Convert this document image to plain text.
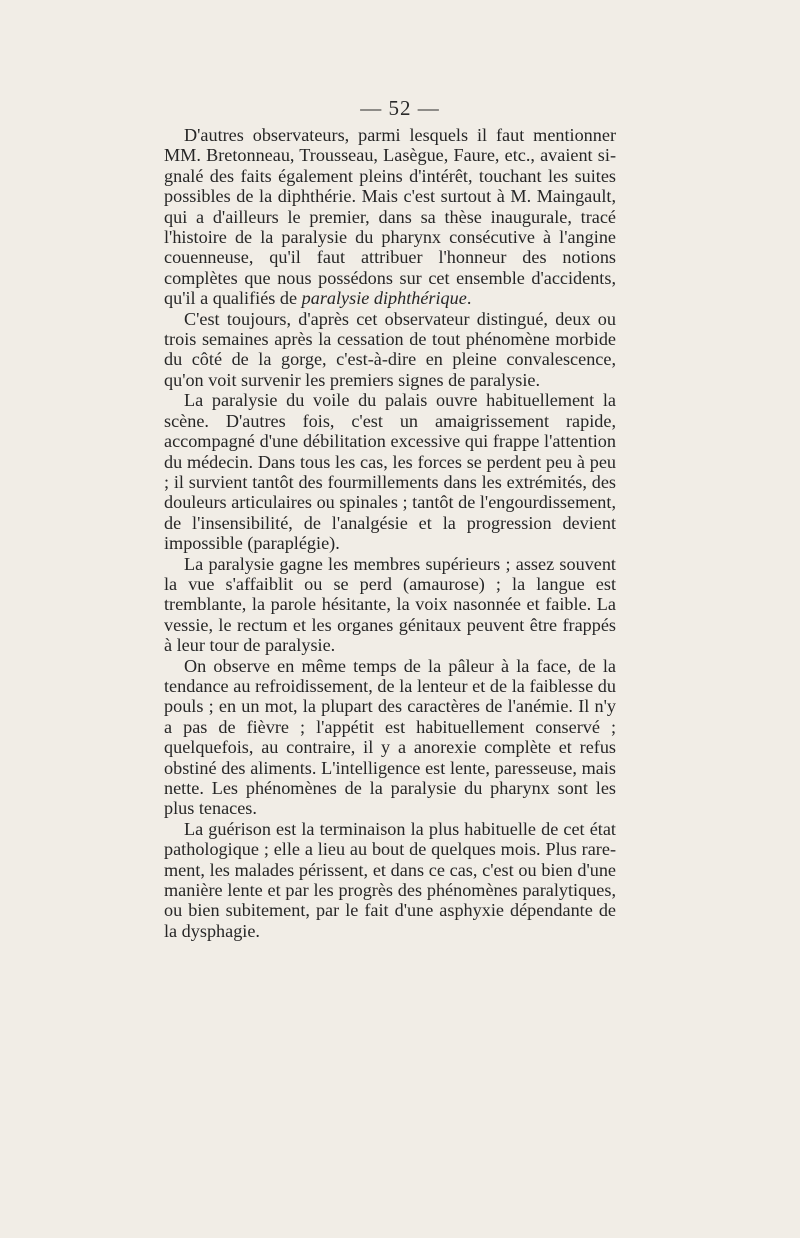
— 52 —

D'autres observateurs, parmi lesquels il faut mentionner MM. Bretonneau, Trousseau, Lasègue, Faure, etc., avaient signalé des faits également pleins d'intérêt, touchant les suites possibles de la diphthérie. Mais c'est surtout à M. Maingault, qui a d'ailleurs le premier, dans sa thèse inaugurale, tracé l'histoire de la paralysie du pharynx consécutive à l'angine couenneuse, qu'il faut attribuer l'honneur des notions complètes que nous possédons sur cet ensemble d'accidents, qu'il a qualifiés de paralysie diphthérique.

C'est toujours, d'après cet observateur distingué, deux ou trois semaines après la cessation de tout phénomène morbide du côté de la gorge, c'est-à-dire en pleine convalescence, qu'on voit survenir les premiers signes de paralysie.

La paralysie du voile du palais ouvre habituellement la scène. D'autres fois, c'est un amaigrissement rapide, accompagné d'une débilitation excessive qui frappe l'attention du médecin. Dans tous les cas, les forces se perdent peu à peu ; il survient tantôt des fourmillements dans les extrémités, des douleurs articulaires ou spinales ; tantôt de l'engourdissement, de l'insensibilité, de l'analgésie et la progression devient impossible (paraplégie).

La paralysie gagne les membres supérieurs ; assez souvent la vue s'affaiblit ou se perd (amaurose) ; la langue est tremblante, la parole hésitante, la voix nasonnée et faible. La vessie, le rectum et les organes génitaux peuvent être frappés à leur tour de paralysie.

On observe en même temps de la pâleur à la face, de la tendance au refroidissement, de la lenteur et de la faiblesse du pouls ; en un mot, la plupart des caractères de l'anémie. Il n'y a pas de fièvre ; l'appétit est habituellement conservé ; quelquefois, au contraire, il y a anorexie complète et refus obstiné des aliments. L'intelligence est lente, paresseuse, mais nette. Les phénomènes de la paralysie du pharynx sont les plus tenaces.

La guérison est la terminaison la plus habituelle de cet état pathologique ; elle a lieu au bout de quelques mois. Plus rarement, les malades périssent, et dans ce cas, c'est ou bien d'une manière lente et par les progrès des phénomènes paralytiques, ou bien subitement, par le fait d'une asphyxie dépendante de la dysphagie.
